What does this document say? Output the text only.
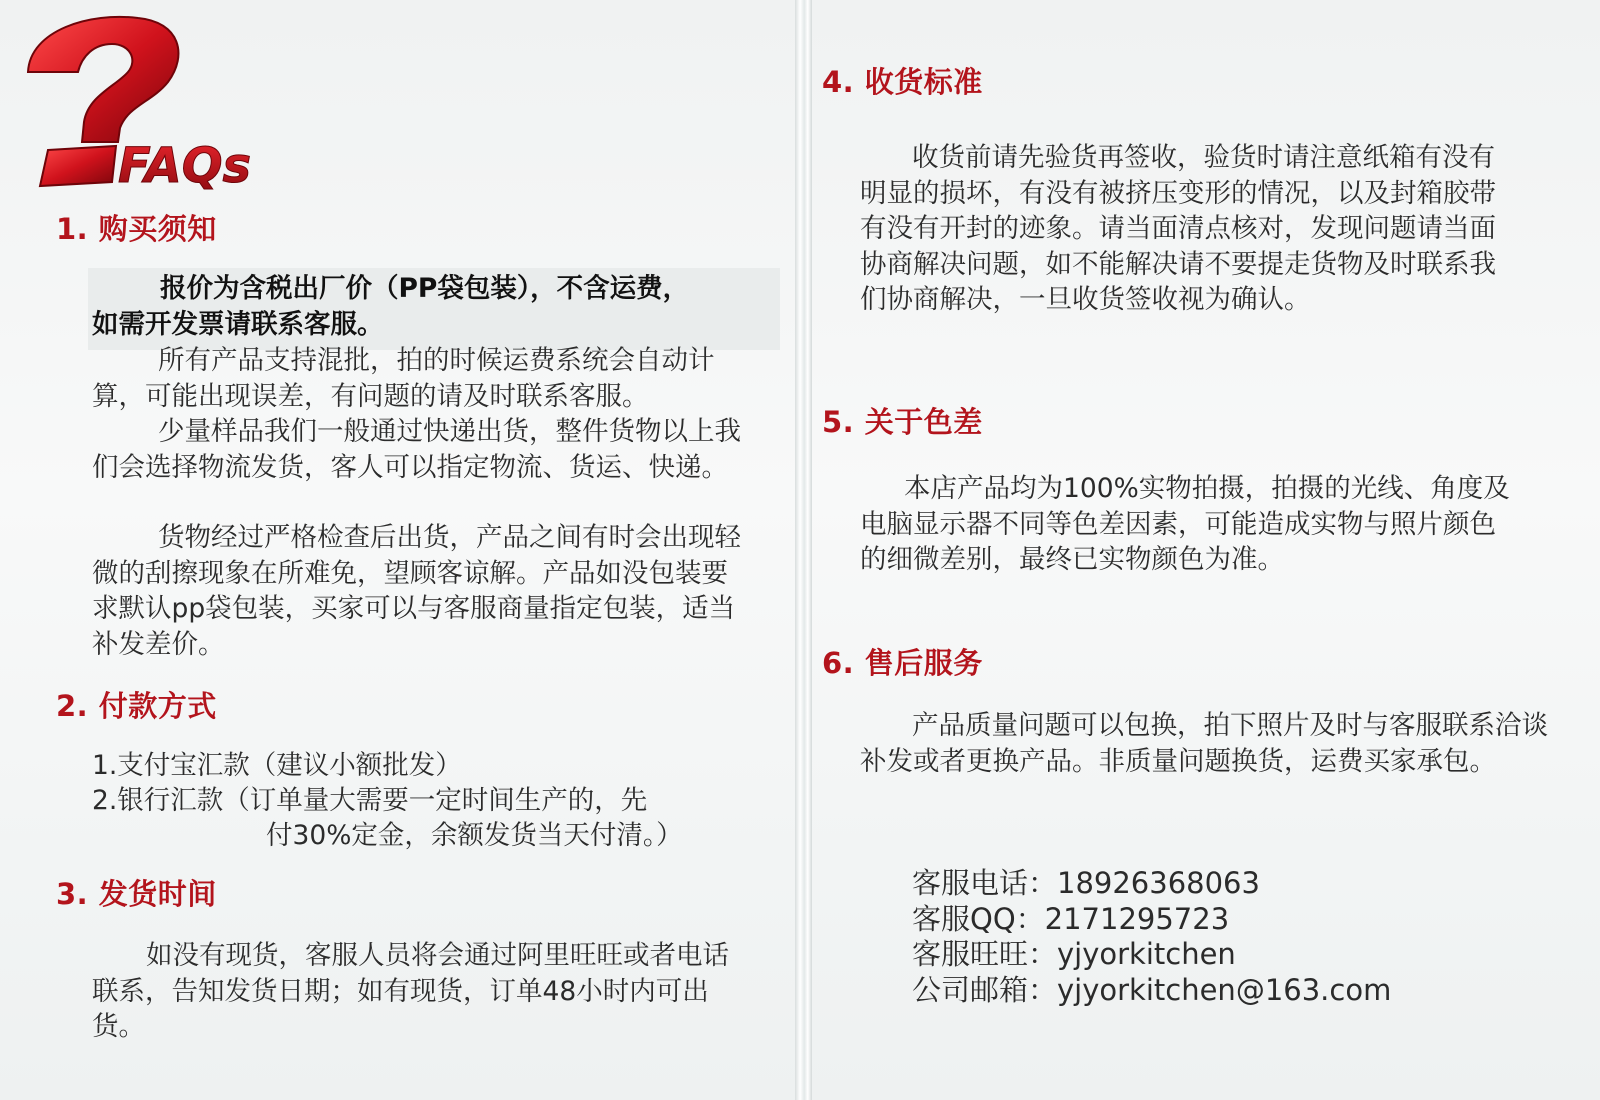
FAQs
1. 购买须知
报价为含税出厂价（PP袋包装），不含运费，
如需开发票请联系客服。
所有产品支持混批，拍的时候运费系统会自动计算，可能出现误差，有问题的请及时联系客服。
少量样品我们一般通过快递出货，整件货物以上我们会选择物流发货，客人可以指定物流、货运、快递。
货物经过严格检查后出货，产品之间有时会出现轻微的刮擦现象在所难免，望顾客谅解。产品如没包装要求默认pp袋包装，买家可以与客服商量指定包装，适当补发差价。
2. 付款方式
1.支付宝汇款（建议小额批发）
2.银行汇款（订单量大需要一定时间生产的，先
付30%定金，余额发货当天付清。）
3. 发货时间
如没有现货，客服人员将会通过阿里旺旺或者电话联系，告知发货日期；如有现货，订单48小时内可出货。
4. 收货标准
收货前请先验货再签收，验货时请注意纸箱有没有明显的损坏，有没有被挤压变形的情况，以及封箱胶带有没有开封的迹象。请当面清点核对，发现问题请当面协商解决问题，如不能解决请不要提走货物及时联系我们协商解决，一旦收货签收视为确认。
5. 关于色差
本店产品均为100%实物拍摄，拍摄的光线、角度及电脑显示器不同等色差因素，可能造成实物与照片颜色的细微差别，最终已实物颜色为准。
6. 售后服务
产品质量问题可以包换，拍下照片及时与客服联系洽谈补发或者更换产品。非质量问题换货，运费买家承包。
客服电话：18926368063
客服QQ：2171295723
客服旺旺：yjyorkitchen
公司邮箱：yjyorkitchen@163.com
